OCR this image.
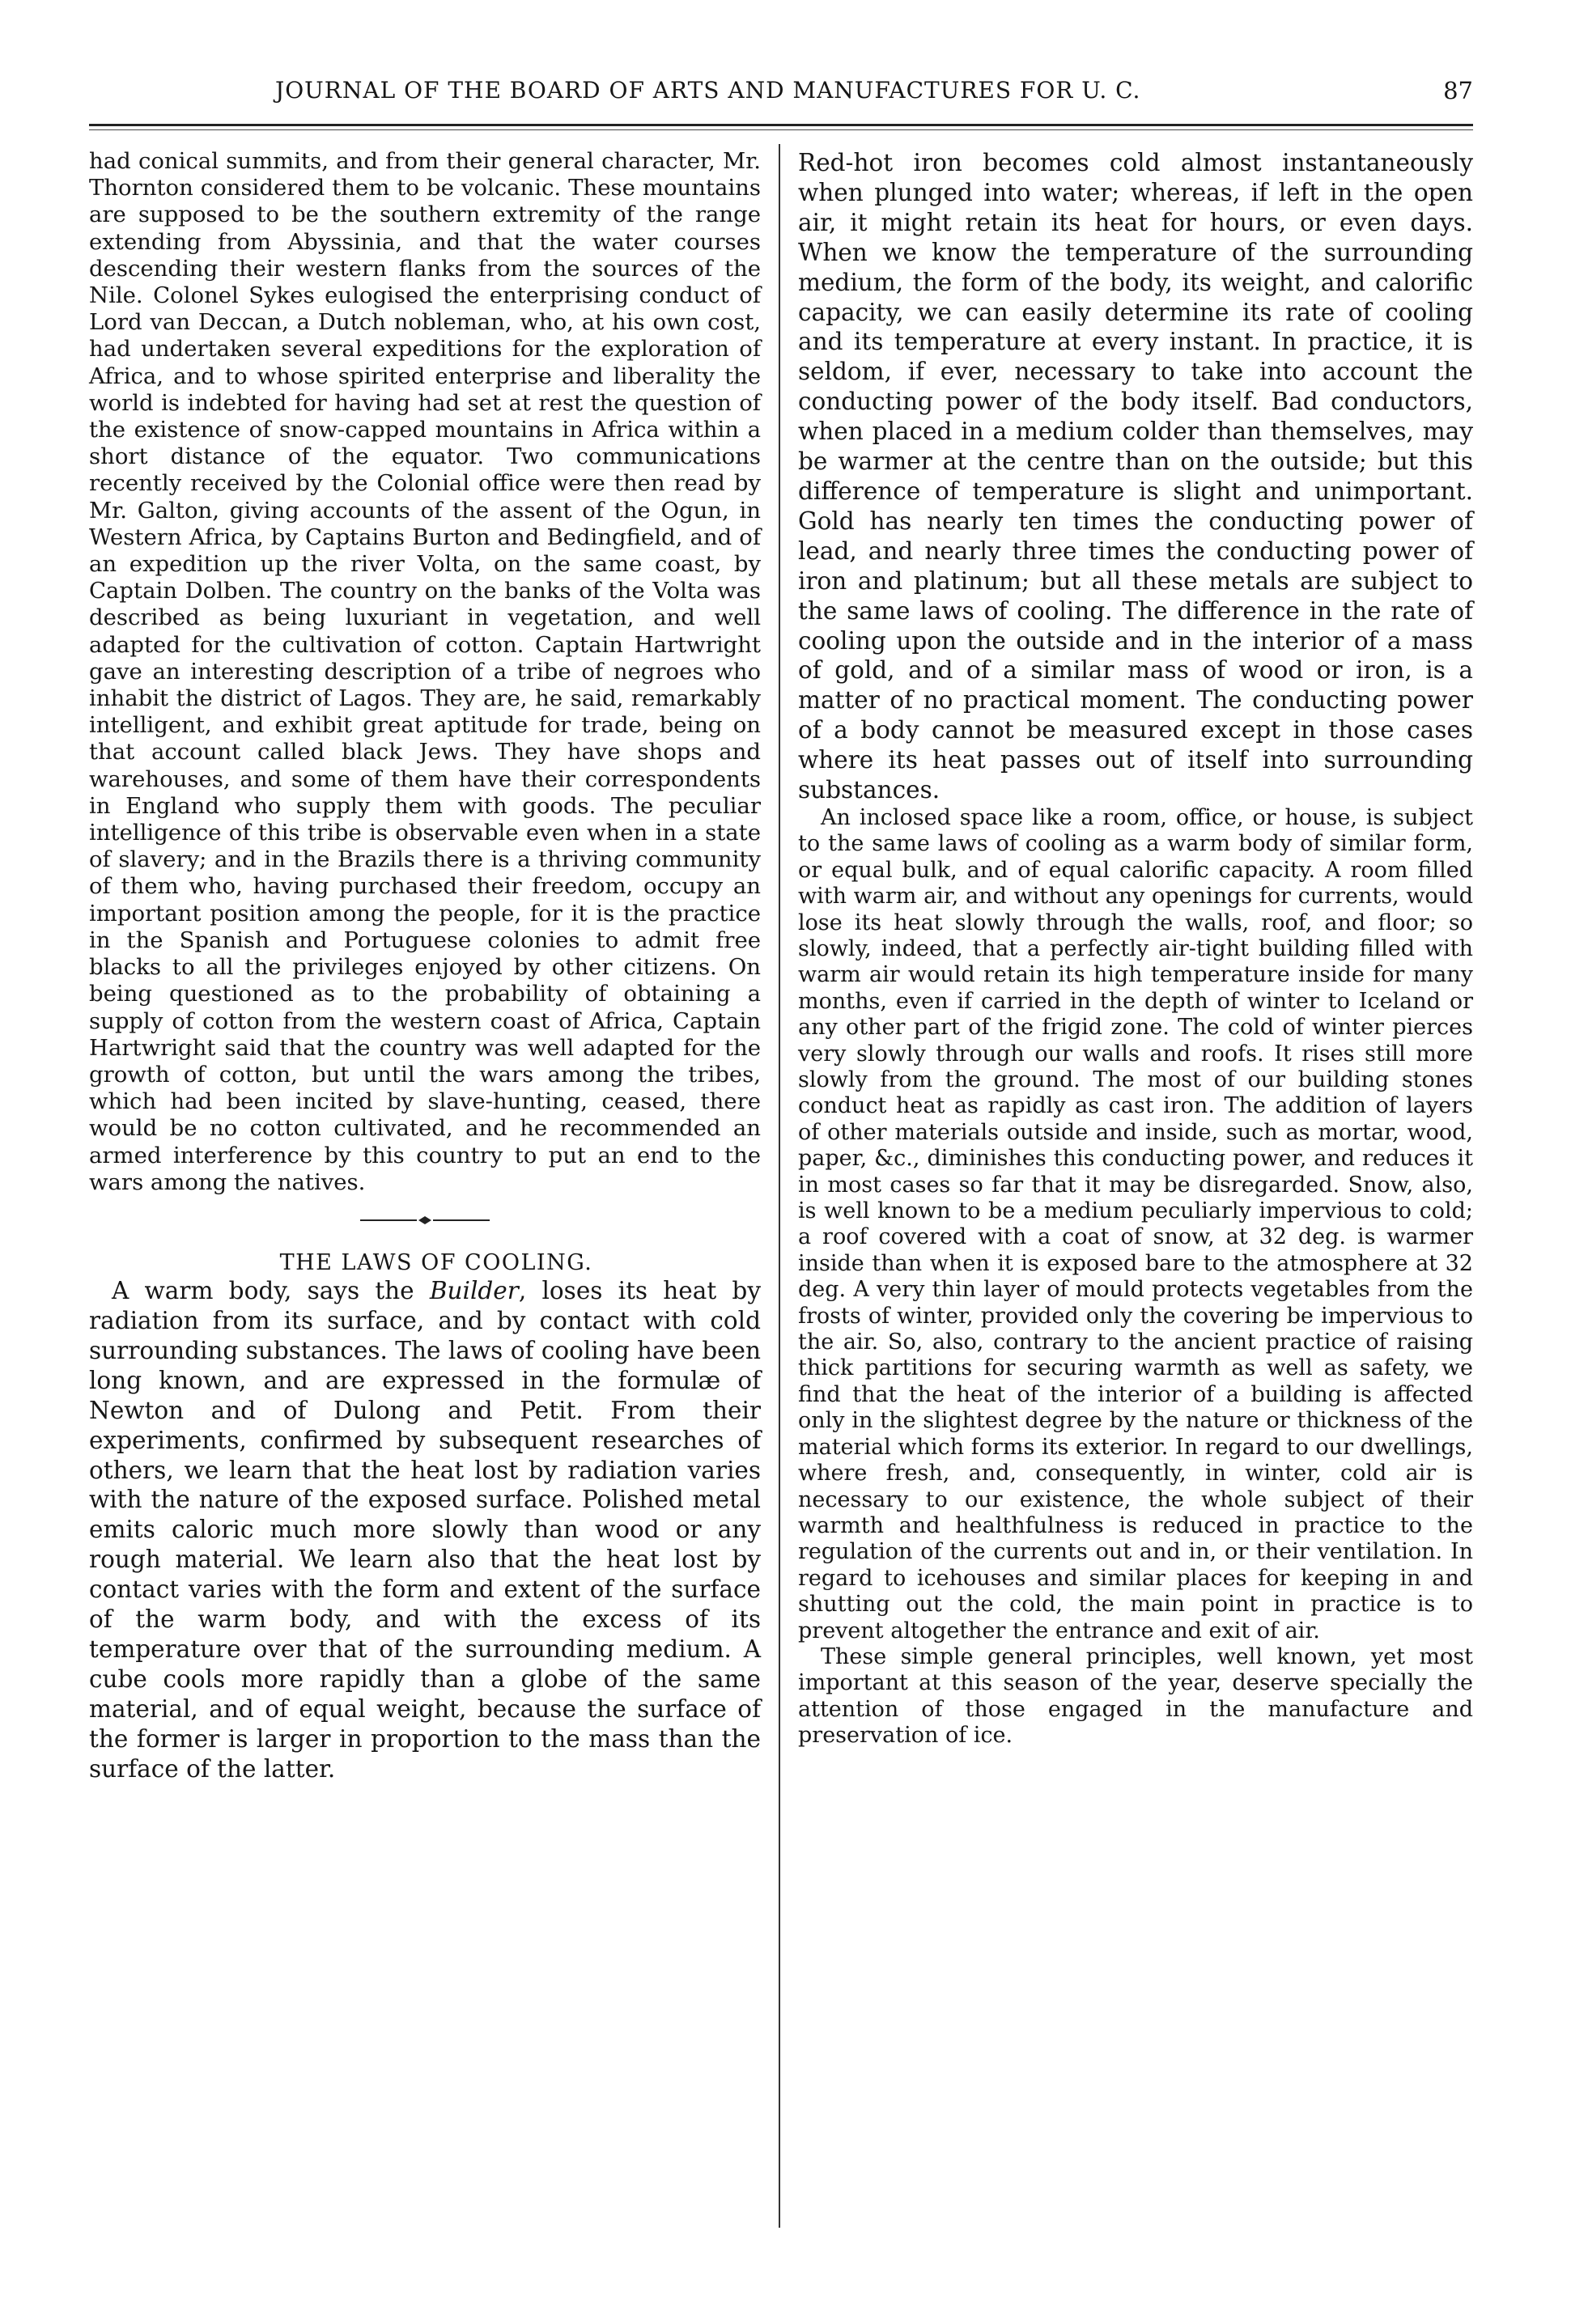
JOURNAL OF THE BOARD OF ARTS AND MANUFACTURES FOR U. C.	87

had conical summits, and from their general character, Mr. Thornton considered them to be volcanic. These mountains are supposed to be the southern extremity of the range extending from Abyssinia, and that the water courses descending their western flanks from the sources of the Nile. Colonel Sykes eulogised the enterprising conduct of Lord van Deccan, a Dutch nobleman, who, at his own cost, had undertaken several expeditions for the exploration of Africa, and to whose spirited enterprise and liberality the world is indebted for having had set at rest the question of the existence of snow-capped mountains in Africa within a short distance of the equator. Two communications recently received by the Colonial office were then read by Mr. Galton, giving accounts of the assent of the Ogun, in Western Africa, by Captains Burton and Bedingfield, and of an expedition up the river Volta, on the same coast, by Captain Dolben. The country on the banks of the Volta was described as being luxuriant in vegetation, and well adapted for the cultivation of cotton. Captain Hartwright gave an interesting description of a tribe of negroes who inhabit the district of Lagos. They are, he said, remarkably intelligent, and exhibit great aptitude for trade, being on that account called black Jews. They have shops and warehouses, and some of them have their correspondents in England who supply them with goods. The peculiar intelligence of this tribe is observable even when in a state of slavery; and in the Brazils there is a thriving community of them who, having purchased their freedom, occupy an important position among the people, for it is the practice in the Spanish and Portuguese colonies to admit free blacks to all the privileges enjoyed by other citizens. On being questioned as to the probability of obtaining a supply of cotton from the western coast of Africa, Captain Hartwright said that the country was well adapted for the growth of cotton, but until the wars among the tribes, which had been incited by slave-hunting, ceased, there would be no cotton cultivated, and he recommended an armed interference by this country to put an end to the wars among the natives.

THE LAWS OF COOLING.

A warm body, says the Builder, loses its heat by radiation from its surface, and by contact with cold surrounding substances. The laws of cooling have been long known, and are expressed in the formulæ of Newton and of Dulong and Petit. From their experiments, confirmed by subsequent researches of others, we learn that the heat lost by radiation varies with the nature of the exposed surface. Polished metal emits caloric much more slowly than wood or any rough material. We learn also that the heat lost by contact varies with the form and extent of the surface of the warm body, and with the excess of its temperature over that of the surrounding medium. A cube cools more rapidly than a globe of the same material, and of equal weight, because the surface of the former is larger in proportion to the mass than the surface of the latter.

Red-hot iron becomes cold almost instantaneously when plunged into water; whereas, if left in the open air, it might retain its heat for hours, or even days. When we know the temperature of the surrounding medium, the form of the body, its weight, and calorific capacity, we can easily determine its rate of cooling and its temperature at every instant. In practice, it is seldom, if ever, necessary to take into account the conducting power of the body itself. Bad conductors, when placed in a medium colder than themselves, may be warmer at the centre than on the outside; but this difference of temperature is slight and unimportant. Gold has nearly ten times the conducting power of lead, and nearly three times the conducting power of iron and platinum; but all these metals are subject to the same laws of cooling. The difference in the rate of cooling upon the outside and in the interior of a mass of gold, and of a similar mass of wood or iron, is a matter of no practical moment. The conducting power of a body cannot be measured except in those cases where its heat passes out of itself into surrounding substances.

An inclosed space like a room, office, or house, is subject to the same laws of cooling as a warm body of similar form, or equal bulk, and of equal calorific capacity. A room filled with warm air, and without any openings for currents, would lose its heat slowly through the walls, roof, and floor; so slowly, indeed, that a perfectly air-tight building filled with warm air would retain its high temperature inside for many months, even if carried in the depth of winter to Iceland or any other part of the frigid zone. The cold of winter pierces very slowly through our walls and roofs. It rises still more slowly from the ground. The most of our building stones conduct heat as rapidly as cast iron. The addition of layers of other materials outside and inside, such as mortar, wood, paper, &c., diminishes this conducting power, and reduces it in most cases so far that it may be disregarded. Snow, also, is well known to be a medium peculiarly impervious to cold; a roof covered with a coat of snow, at 32 deg. is warmer inside than when it is exposed bare to the atmosphere at 32 deg. A very thin layer of mould protects vegetables from the frosts of winter, provided only the covering be impervious to the air. So, also, contrary to the ancient practice of raising thick partitions for securing warmth as well as safety, we find that the heat of the interior of a building is affected only in the slightest degree by the nature or thickness of the material which forms its exterior. In regard to our dwellings, where fresh, and, consequently, in winter, cold air is necessary to our existence, the whole subject of their warmth and healthfulness is reduced in practice to the regulation of the currents out and in, or their ventilation. In regard to icehouses and similar places for keeping in and shutting out the cold, the main point in practice is to prevent altogether the entrance and exit of air.

These simple general principles, well known, yet most important at this season of the year, deserve specially the attention of those engaged in the manufacture and preservation of ice.
